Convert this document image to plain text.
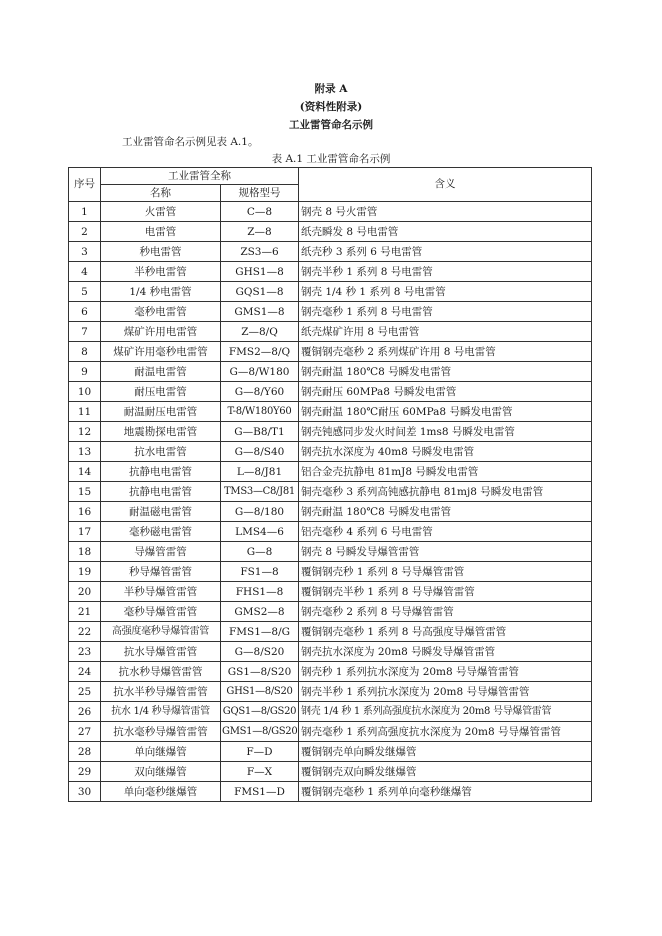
附录 A
(资料性附录)
工业雷管命名示例
工业雷管命名示例见表 A.1。
表 A.1 工业雷管命名示例
序号	工业雷管全称		含义
	名称	规格型号	
1	火雷管	C—8	钢壳 8 号火雷管
2	电雷管	Z—8	纸壳瞬发 8 号电雷管
3	秒电雷管	ZS3—6	纸壳秒 3 系列 6 号电雷管
4	半秒电雷管	GHS1—8	钢壳半秒 1 系列 8 号电雷管
5	1/4 秒电雷管	GQS1—8	钢壳 1/4 秒 1 系列 8 号电雷管
6	毫秒电雷管	GMS1—8	钢壳毫秒 1 系列 8 号电雷管
7	煤矿许用电雷管	Z—8/Q	纸壳煤矿许用 8 号电雷管
8	煤矿许用毫秒电雷管	FMS2—8/Q	覆铜钢壳毫秒 2 系列煤矿许用 8 号电雷管
9	耐温电雷管	G—8/W180	钢壳耐温 180℃8 号瞬发电雷管
10	耐压电雷管	G—8/Y60	钢壳耐压 60MPa8 号瞬发电雷管
11	耐温耐压电雷管	T-8/W180Y60	钢壳耐温 180℃耐压 60MPa8 号瞬发电雷管
12	地震勘探电雷管	G—B8/T1	钢壳钝感同步发火时间差 1ms8 号瞬发电雷管
13	抗水电雷管	G—8/S40	钢壳抗水深度为 40m8 号瞬发电雷管
14	抗静电电雷管	L—8/J81	铝合金壳抗静电 81mJ8 号瞬发电雷管
15	抗静电电雷管	TMS3—C8/J81	铜壳毫秒 3 系列高钝感抗静电 81mj8 号瞬发电雷管
16	耐温磁电雷管	G—8/180	钢壳耐温 180℃8 号瞬发电雷管
17	毫秒磁电雷管	LMS4—6	铝壳毫秒 4 系列 6 号电雷管
18	导爆管雷管	G—8	钢壳 8 号瞬发导爆管雷管
19	秒导爆管雷管	FS1—8	覆铜钢壳秒 1 系列 8 号导爆管雷管
20	半秒导爆管雷管	FHS1—8	覆铜钢壳半秒 1 系列 8 号导爆管雷管
21	毫秒导爆管雷管	GMS2—8	钢壳毫秒 2 系列 8 号导爆管雷管
22	高强度毫秒导爆管雷管	FMS1—8/G	覆铜钢壳毫秒 1 系列 8 号高强度导爆管雷管
23	抗水导爆管雷管	G—8/S20	钢壳抗水深度为 20m8 号瞬发导爆管雷管
24	抗水秒导爆管雷管	GS1—8/S20	钢壳秒 1 系列抗水深度为 20m8 号导爆管雷管
25	抗水半秒导爆管雷管	GHS1—8/S20	钢壳半秒 1 系列抗水深度为 20m8 号导爆管雷管
26	抗水 1/4 秒导爆管雷管	GQS1—8/GS20	钢壳 1/4 秒 1 系列高强度抗水深度为 20m8 号导爆管雷管
27	抗水毫秒导爆管雷管	GMS1—8/GS20	钢壳毫秒 1 系列高强度抗水深度为 20m8 号导爆管雷管
28	单向继爆管	F—D	覆铜钢壳单向瞬发继爆管
29	双向继爆管	F—X	覆铜钢壳双向瞬发继爆管
30	单向毫秒继爆管	FMS1—D	覆铜钢壳毫秒 1 系列单向毫秒继爆管
